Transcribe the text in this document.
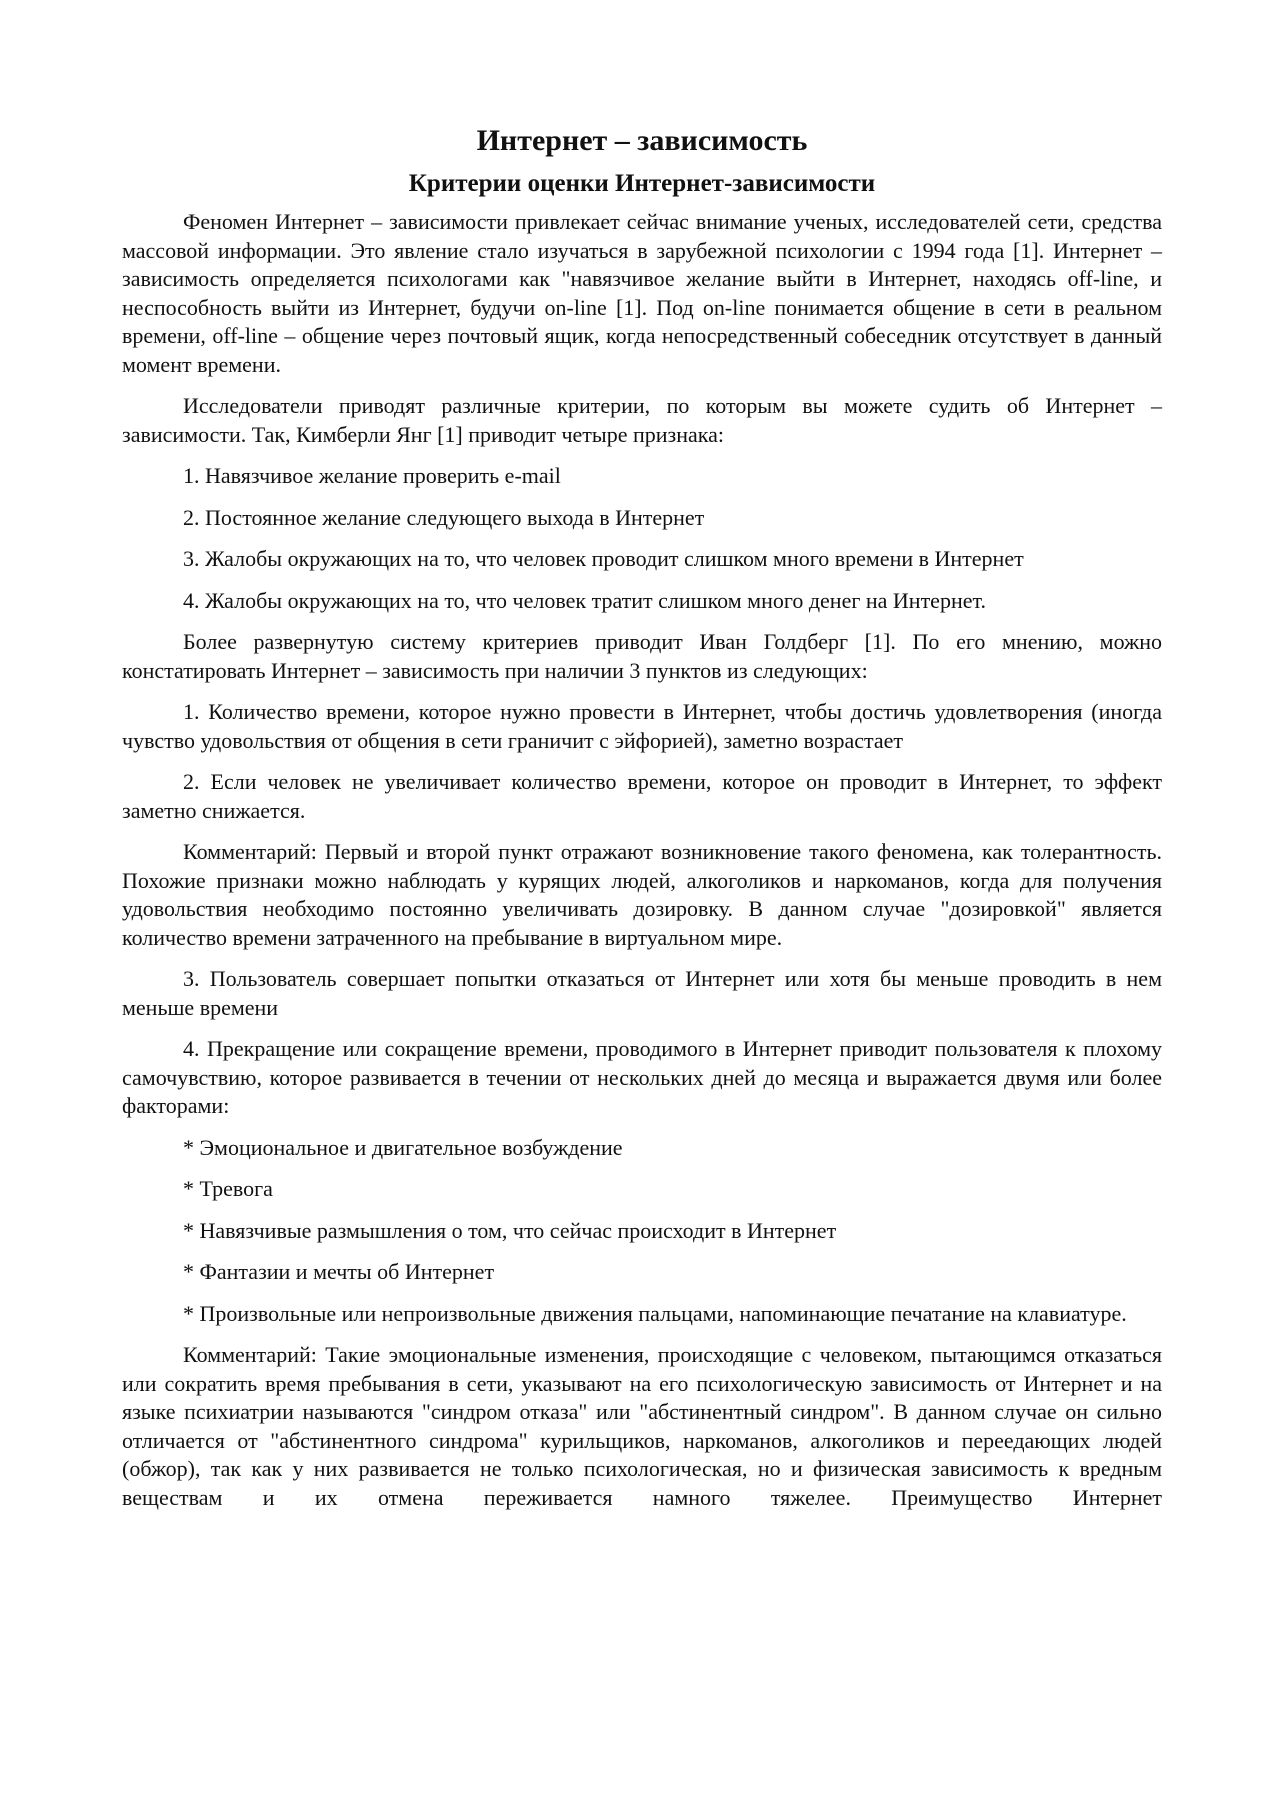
Интернет – зависимость
Критерии оценки Интернет-зависимости

Феномен Интернет – зависимости привлекает сейчас внимание ученых, исследователей сети, средства массовой информации. Это явление стало изучаться в зарубежной психологии с 1994 года [1]. Интернет – зависимость определяется психологами как "навязчивое желание выйти в Интернет, находясь off-line, и неспособность выйти из Интернет, будучи on-line [1]. Под on-line понимается общение в сети в реальном времени, off-line – общение через почтовый ящик, когда непосредственный собеседник отсутствует в данный момент времени.

Исследователи приводят различные критерии, по которым вы можете судить об Интернет – зависимости. Так, Кимберли Янг [1] приводит четыре признака:

1. Навязчивое желание проверить e-mail

2. Постоянное желание следующего выхода в Интернет

3. Жалобы окружающих на то, что человек проводит слишком много времени в Интернет

4. Жалобы окружающих на то, что человек тратит слишком много денег на Интернет.

Более развернутую систему критериев приводит Иван Голдберг [1]. По его мнению, можно констатировать Интернет – зависимость при наличии 3 пунктов из следующих:

1. Количество времени, которое нужно провести в Интернет, чтобы достичь удовлетворения (иногда чувство удовольствия от общения в сети граничит с эйфорией), заметно возрастает

2. Если человек не увеличивает количество времени, которое он проводит в Интернет, то эффект заметно снижается.

Комментарий: Первый и второй пункт отражают возникновение такого феномена, как толерантность. Похожие признаки можно наблюдать у курящих людей, алкоголиков и наркоманов, когда для получения удовольствия необходимо постоянно увеличивать дозировку. В данном случае "дозировкой" является количество времени затраченного на пребывание в виртуальном мире.

3. Пользователь совершает попытки отказаться от Интернет или хотя бы меньше проводить в нем меньше времени

4. Прекращение или сокращение времени, проводимого в Интернет приводит пользователя к плохому самочувствию, которое развивается в течении от нескольких дней до месяца и выражается двумя или более факторами:

* Эмоциональное и двигательное возбуждение

* Тревога

* Навязчивые размышления о том, что сейчас происходит в Интернет

* Фантазии и мечты об Интернет

* Произвольные или непроизвольные движения пальцами, напоминающие печатание на клавиатуре.

Комментарий: Такие эмоциональные изменения, происходящие с человеком, пытающимся отказаться или сократить время пребывания в сети, указывают на его психологическую зависимость от Интернет и на языке психиатрии называются "синдром отказа" или "абстинентный синдром". В данном случае он сильно отличается от "абстинентного синдрома" курильщиков, наркоманов, алкоголиков и переедающих людей (обжор), так как у них развивается не только психологическая, но и физическая зависимость к вредным веществам и их отмена переживается намного тяжелее. Преимущество Интернет
